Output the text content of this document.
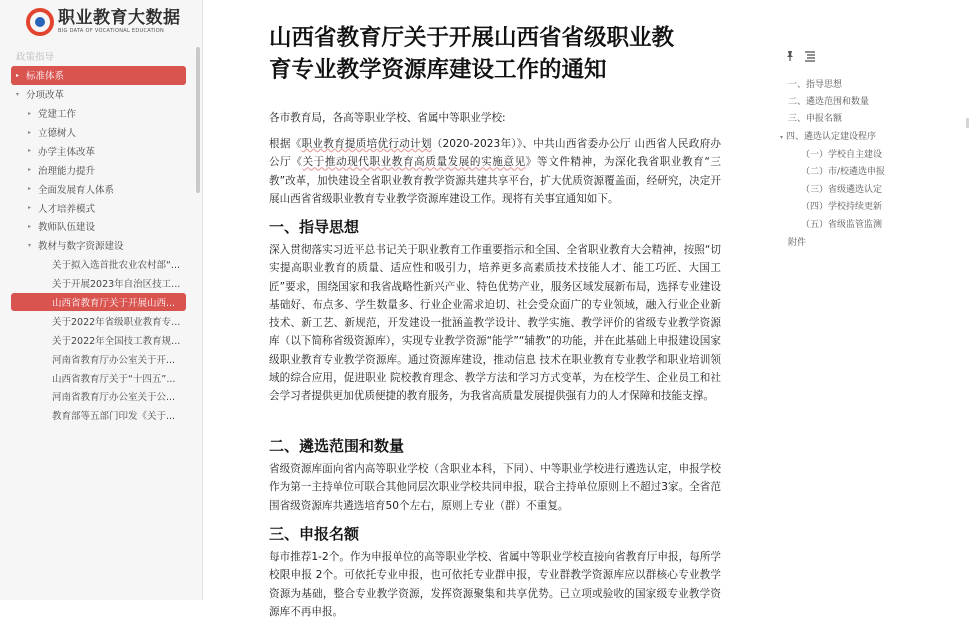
职业教育大数据
BIG DATA OF VOCATIONAL EDUCATION
政策指导
▸ 标准体系
▾ 分项改革
▸ 党建工作
▸ 立德树人
▸ 办学主体改革
▸ 治理能力提升
▸ 全面发展育人体系
▸ 人才培养模式
▸ 教师队伍建设
▾ 教材与数字资源建设
关于拟入选首批农业农村部“...
关于开展2023年自治区技工...
山西省教育厅关于开展山西...
关于2022年省级职业教育专...
关于2022年全国技工教育规...
河南省教育厅办公室关于开...
山西省教育厅关于“十四五”...
河南省教育厅办公室关于公...
教育部等五部门印发《关于...
山西省教育厅关于开展山西省省级职业教
育专业教学资源库建设工作的通知

各市教育局，各高等职业学校、省属中等职业学校:

根据《职业教育提质培优行动计划（2020-2023年）》、中共山西省委办公厅 山西省人民政府办公厅《关于推动现代职业教育高质量发展的实施意见》等文件精神，为深化我省职业教育“三教”改革，加快建设全省职业教育教学资源共建共享平台，扩大优质资源覆盖面，经研究，决定开展山西省省级职业教育专业教学资源库建设工作。现将有关事宜通知如下。

一、指导思想

深入贯彻落实习近平总书记关于职业教育工作重要指示和全国、全省职业教育大会精神，按照“切实提高职业教育的质量、适应性和吸引力，培养更多高素质技术技能人才、能工巧匠、大国工匠”要求，围绕国家和我省战略性新兴产业、特色优势产业，服务区域发展新布局，选择专业建设基础好、布点多、学生数量多、行业企业需求迫切、社会受众面广的专业领域，融入行业企业新技术、新工艺、新规范，开发建设一批涵盖教学设计、教学实施、教学评价的省级专业教学资源库（以下简称省级资源库），实现专业教学资源“能学”“辅教”的功能，并在此基础上申报建设国家级职业教育专业教学资源库。通过资源库建设，推动信息 技术在职业教育专业教学和职业培训领域的综合应用，促进职业 院校教育理念、教学方法和学习方式变革，为在校学生、企业员工和社会学习者提供更加优质便捷的教育服务，为我省高质量发展提供强有力的人才保障和技能支撑。

二、遴选范围和数量

省级资源库面向省内高等职业学校（含职业本科，下同）、中等职业学校进行遴选认定，申报学校作为第一主持单位可联合其他同层次职业学校共同申报，联合主持单位原则上不超过3家。全省范围省级资源库共遴选培育50个左右，原则上专业（群）不重复。

三、申报名额

每市推荐1-2个。作为申报单位的高等职业学校、省属中等职业学校直接向省教育厅申报，每所学校限申报 2个。可依托专业申报，也可依托专业群申报，专业群教学资源库应以群核心专业教学资源为基础，整合专业教学资源，发挥资源聚集和共享优势。已立项或验收的国家级专业教学资源库不再申报。

一、指导思想
二、遴选范围和数量
三、申报名额
▾ 四、遴选认定建设程序
（一）学校自主建设
（二）市/校遴选申报
（三）省级遴选认定
（四）学校持续更新
（五）省级监管监测
附件
